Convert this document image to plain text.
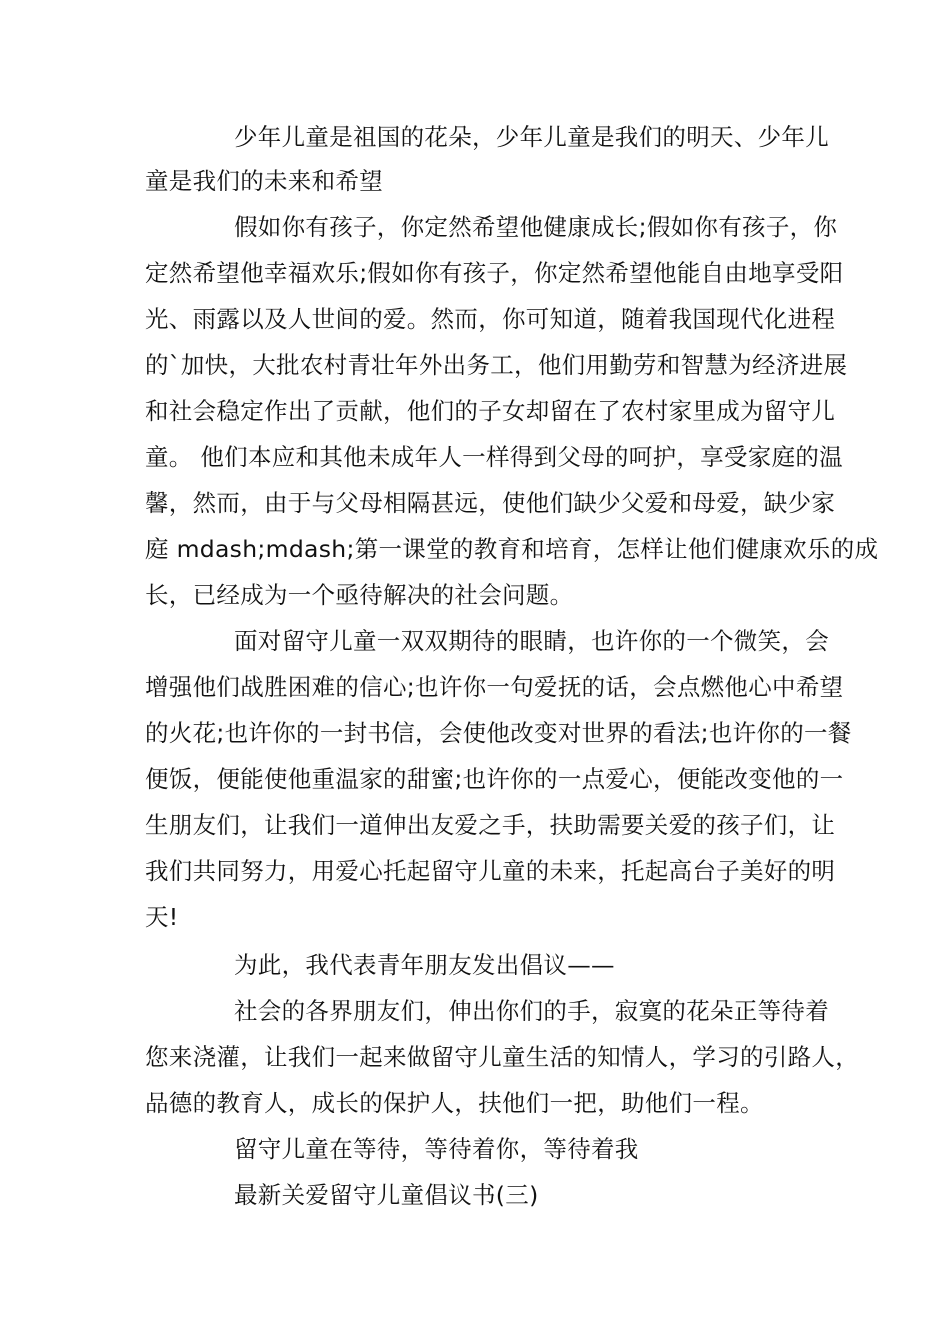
少年儿童是祖国的花朵，少年儿童是我们的明天、少年儿
童是我们的未来和希望
假如你有孩子，你定然希望他健康成长;假如你有孩子，你
定然希望他幸福欢乐;假如你有孩子，你定然希望他能自由地享受阳
光、雨露以及人世间的爱。然而，你可知道，随着我国现代化进程
的`加快，大批农村青壮年外出务工，他们用勤劳和智慧为经济进展
和社会稳定作出了贡献，他们的子女却留在了农村家里成为留守儿
童。 他们本应和其他未成年人一样得到父母的呵护，享受家庭的温
馨，然而，由于与父母相隔甚远，使他们缺少父爱和母爱，缺少家
庭 mdash;mdash;第一课堂的教育和培育，怎样让他们健康欢乐的成
长，已经成为一个亟待解决的社会问题。
面对留守儿童一双双期待的眼睛，也许你的一个微笑，会
增强他们战胜困难的信心;也许你一句爱抚的话，会点燃他心中希望
的火花;也许你的一封书信，会使他改变对世界的看法;也许你的一餐
便饭，便能使他重温家的甜蜜;也许你的一点爱心，便能改变他的一
生朋友们，让我们一道伸出友爱之手，扶助需要关爱的孩子们，让
我们共同努力，用爱心托起留守儿童的未来，托起高台子美好的明
天!
为此，我代表青年朋友发出倡议——
社会的各界朋友们，伸出你们的手，寂寞的花朵正等待着
您来浇灌，让我们一起来做留守儿童生活的知情人，学习的引路人，
品德的教育人，成长的保护人，扶他们一把，助他们一程。
留守儿童在等待，等待着你，等待着我
最新关爱留守儿童倡议书(三)
